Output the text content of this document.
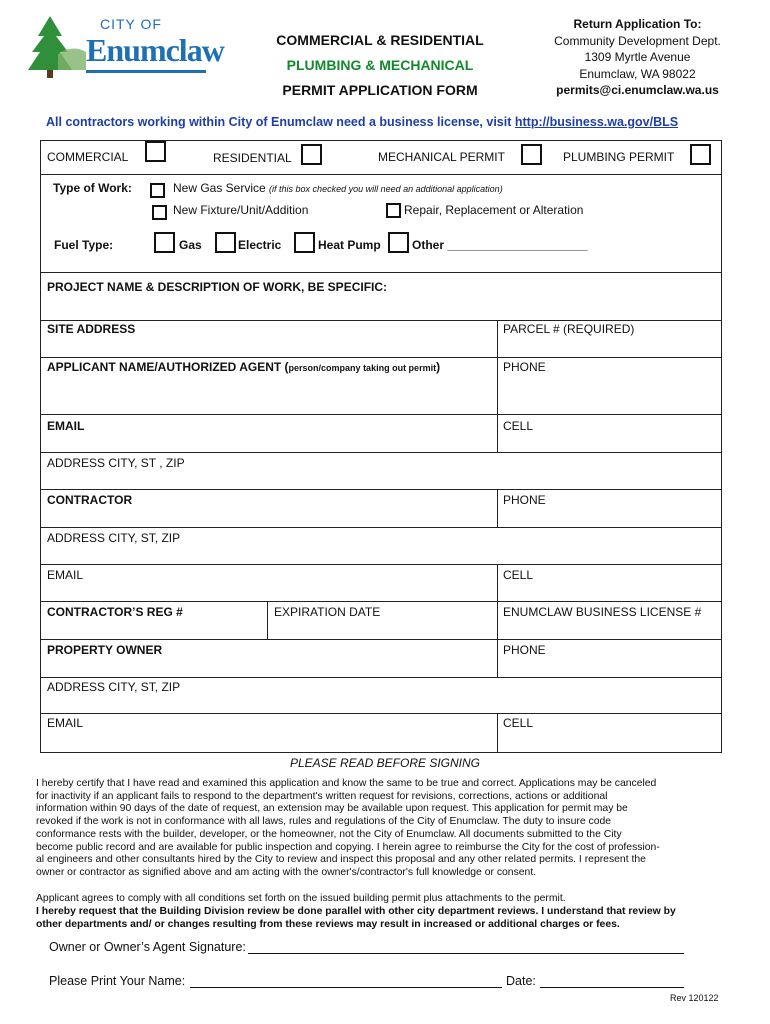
CITY OF
Enumclaw	COMMERCIAL & RESIDENTIAL
PLUMBING & MECHANICAL
PERMIT APPLICATION FORM
Return Application To:
Community Development Dept.
1309 Myrtle Avenue
Enumclaw, WA 98022
permits@ci.enumclaw.wa.us
All contractors working within City of Enumclaw need a business license, visit http://business.wa.gov/BLS
COMMERCIAL	RESIDENTIAL	MECHANICAL PERMIT	PLUMBING PERMIT
Type of Work:	New Gas Service (if this box checked you will need an additional application)
New Fixture/Unit/Addition	Repair, Replacement or Alteration
Fuel Type:	Gas	Electric	Heat Pump	Other _____________________
PROJECT NAME & DESCRIPTION OF WORK, BE SPECIFIC:
SITE ADDRESS	PARCEL # (REQUIRED)
APPLICANT NAME/AUTHORIZED AGENT (person/company taking out permit)	PHONE
EMAIL	CELL
ADDRESS CITY, ST , ZIP
CONTRACTOR	PHONE
ADDRESS CITY, ST, ZIP
EMAIL	CELL
CONTRACTOR’S REG #	EXPIRATION DATE	ENUMCLAW BUSINESS LICENSE #
PROPERTY OWNER	PHONE
ADDRESS CITY, ST, ZIP
EMAIL	CELL
PLEASE READ BEFORE SIGNING
I hereby certify that I have read and examined this application and know the same to be true and correct. Applications may be canceled
for inactivity if an applicant fails to respond to the department's written request for revisions, corrections, actions or additional
information within 90 days of the date of request, an extension may be available upon request. This application for permit may be
revoked if the work is not in conformance with all laws, rules and regulations of the City of Enumclaw. The duty to insure code
conformance rests with the builder, developer, or the homeowner, not the City of Enumclaw. All documents submitted to the City
become public record and are available for public inspection and copying. I herein agree to reimburse the City for the cost of profession-
al engineers and other consultants hired by the City to review and inspect this proposal and any other related permits. I represent the
owner or contractor as signified above and am acting with the owner's/contractor's full knowledge or consent.
Applicant agrees to comply with all conditions set forth on the issued building permit plus attachments to the permit.
I hereby request that the Building Division review be done parallel with other city department reviews. I understand that review by
other departments and/ or changes resulting from these reviews may result in increased or additional charges or fees.
Owner or Owner’s Agent Signature:
Please Print Your Name:	Date:
Rev 120122
